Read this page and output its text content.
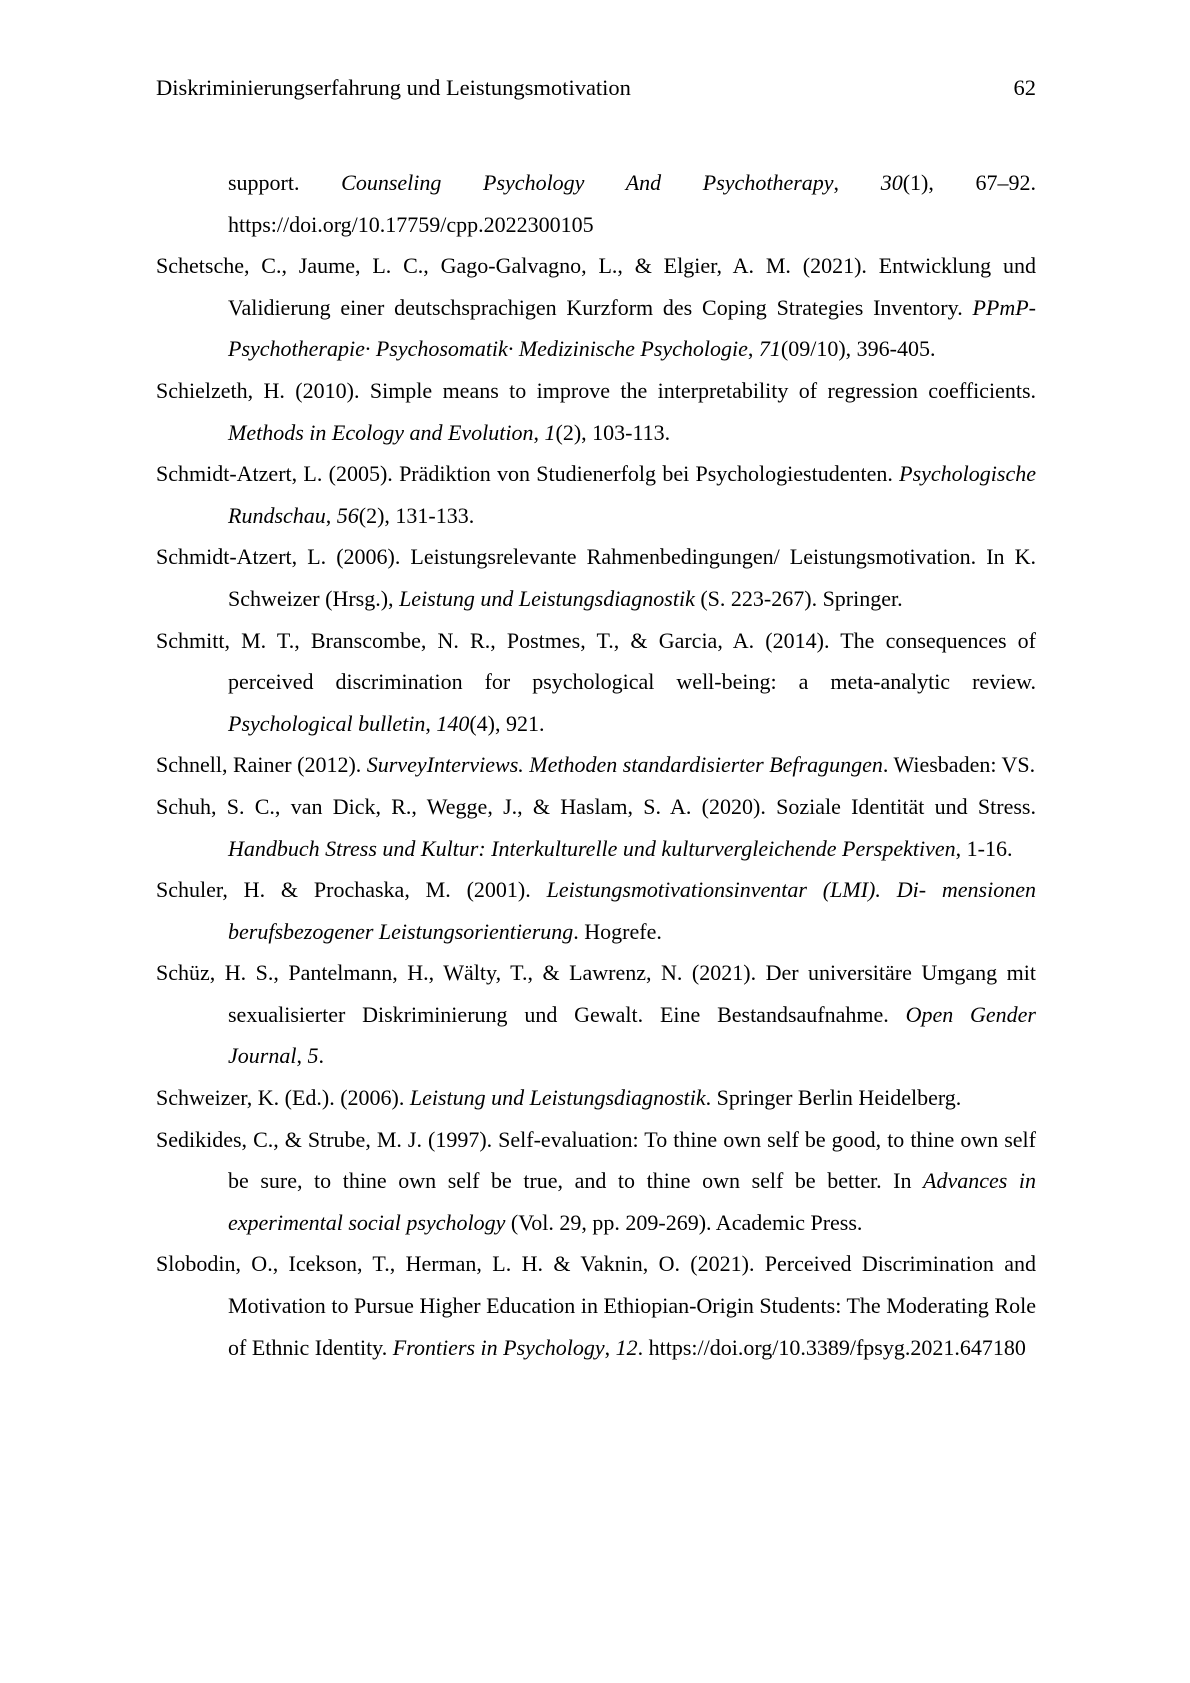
Diskriminierungserfahrung und Leistungsmotivation	62

support. Counseling Psychology And Psychotherapy, 30(1), 67–92. https://doi.org/10.17759/cpp.2022300105

Schetsche, C., Jaume, L. C., Gago-Galvagno, L., & Elgier, A. M. (2021). Entwicklung und Validierung einer deutschsprachigen Kurzform des Coping Strategies Inventory. PPmP-Psychotherapie· Psychosomatik· Medizinische Psychologie, 71(09/10), 396-405.

Schielzeth, H. (2010). Simple means to improve the interpretability of regression coefficients. Methods in Ecology and Evolution, 1(2), 103-113.

Schmidt-Atzert, L. (2005). Prädiktion von Studienerfolg bei Psychologiestudenten. Psychologische Rundschau, 56(2), 131-133.

Schmidt-Atzert, L. (2006). Leistungsrelevante Rahmenbedingungen/ Leistungsmotivation. In K. Schweizer (Hrsg.), Leistung und Leistungsdiagnostik (S. 223-267). Springer.

Schmitt, M. T., Branscombe, N. R., Postmes, T., & Garcia, A. (2014). The consequences of perceived discrimination for psychological well-being: a meta-analytic review. Psychological bulletin, 140(4), 921.

Schnell, Rainer (2012). SurveyInterviews. Methoden standardisierter Befragungen. Wiesbaden: VS.

Schuh, S. C., van Dick, R., Wegge, J., & Haslam, S. A. (2020). Soziale Identität und Stress. Handbuch Stress und Kultur: Interkulturelle und kulturvergleichende Perspektiven, 1-16.

Schuler, H. & Prochaska, M. (2001). Leistungsmotivationsinventar (LMI). Di- mensionen berufsbezogener Leistungsorientierung. Hogrefe.

Schüz, H. S., Pantelmann, H., Wälty, T., & Lawrenz, N. (2021). Der universitäre Umgang mit sexualisierter Diskriminierung und Gewalt. Eine Bestandsaufnahme. Open Gender Journal, 5.

Schweizer, K. (Ed.). (2006). Leistung und Leistungsdiagnostik. Springer Berlin Heidelberg.

Sedikides, C., & Strube, M. J. (1997). Self-evaluation: To thine own self be good, to thine own self be sure, to thine own self be true, and to thine own self be better. In Advances in experimental social psychology (Vol. 29, pp. 209-269). Academic Press.

Slobodin, O., Icekson, T., Herman, L. H. & Vaknin, O. (2021). Perceived Discrimination and Motivation to Pursue Higher Education in Ethiopian-Origin Students: The Moderating Role of Ethnic Identity. Frontiers in Psychology, 12. https://doi.org/10.3389/fpsyg.2021.647180
